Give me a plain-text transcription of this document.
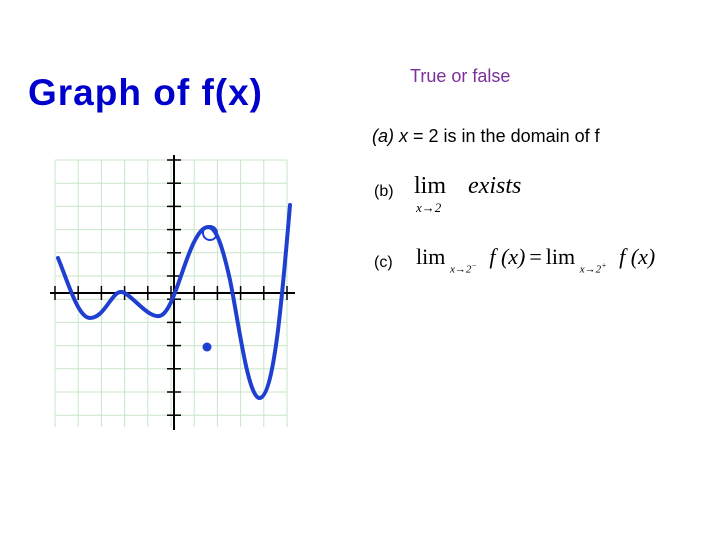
Graph of f(x)	True or false
(a) x = 2 is in the domain of f
(b) lim
x→2
exists
(c) lim
x→2− f (x) = lim
x→2+ f (x)
